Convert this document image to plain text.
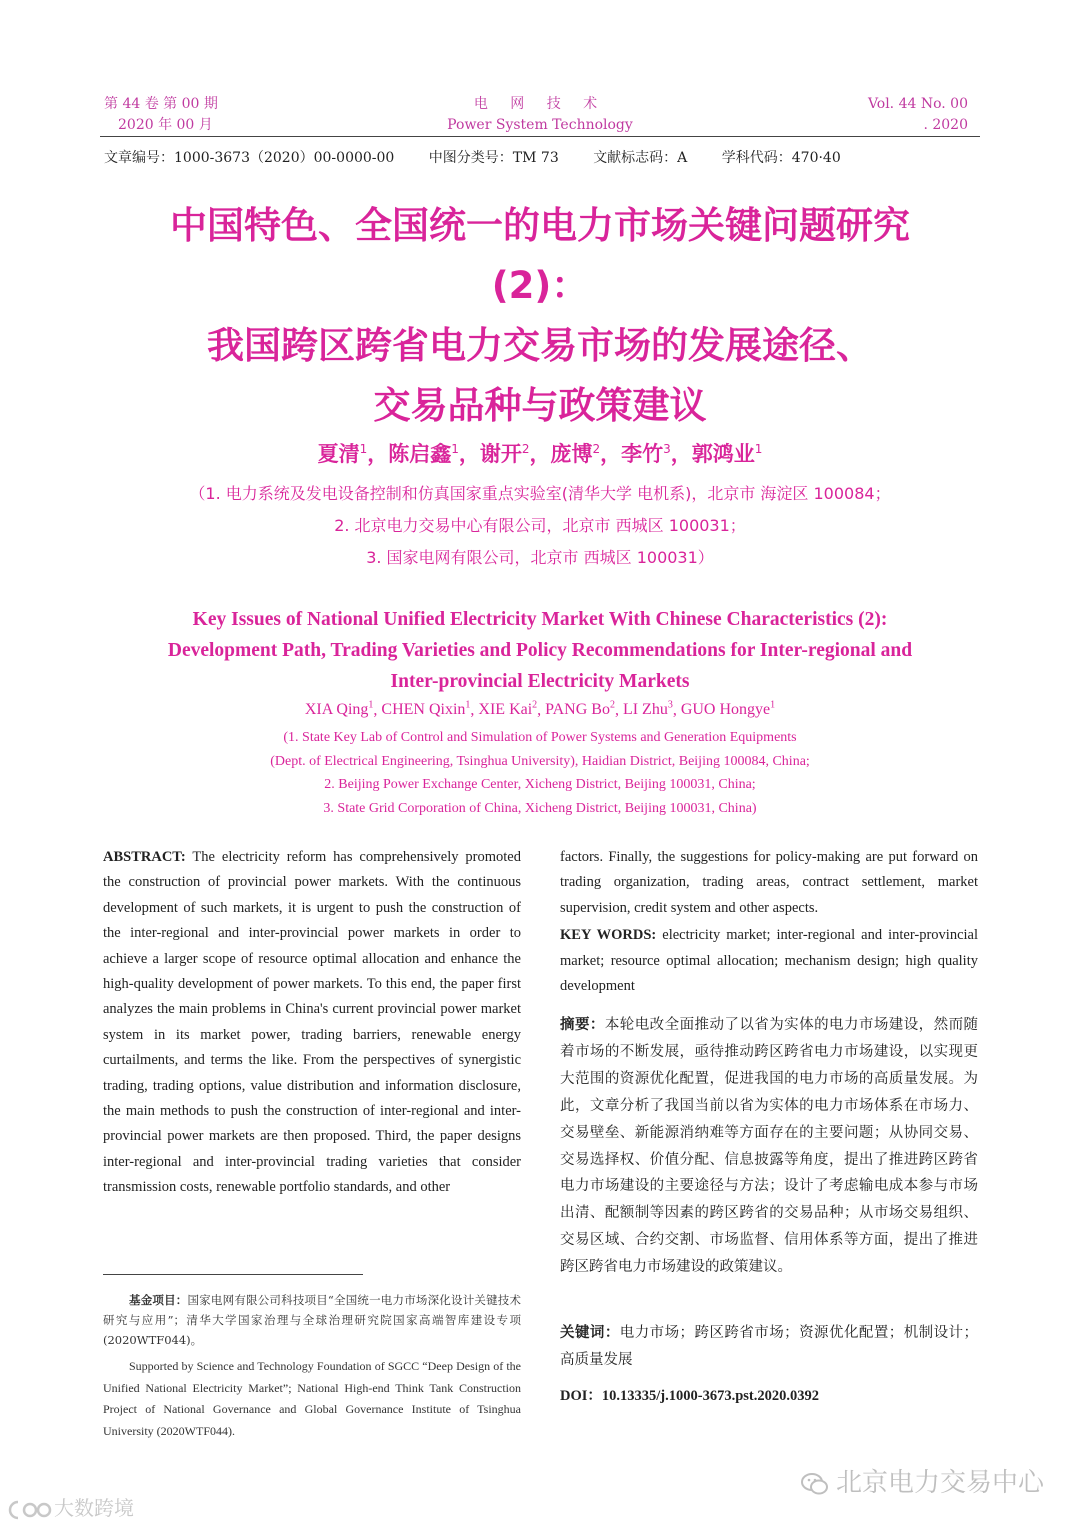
第 44 卷 第 00 期
2020 年 00 月
电 网 技 术
Power System Technology
Vol. 44 No. 00
. 2020
文章编号：1000-3673（2020）00-0000-00 中图分类号：TM 73 文献标志码：A 学科代码：470·40
中国特色、全国统一的电力市场关键问题研究
(2)：
我国跨区跨省电力交易市场的发展途径、
交易品种与政策建议
夏清$^1$，陈启鑫$^1$，谢开$^2$，庞博$^2$，李竹$^3$，郭鸿业$^1$
（1. 电力系统及发电设备控制和仿真国家重点实验室(清华大学 电机系)，北京市 海淀区 100084；
2. 北京电力交易中心有限公司，北京市 西城区 100031；
3. 国家电网有限公司，北京市 西城区 100031）
Key Issues of National Unified Electricity Market With Chinese Characteristics (2):
Development Path, Trading Varieties and Policy Recommendations for Inter-regional and
Inter-provincial Electricity Markets
XIA Qing$^1$, CHEN Qixin$^1$, XIE Kai$^2$, PANG Bo$^2$, LI Zhu$^3$, GUO Hongye$^1$
(1. State Key Lab of Control and Simulation of Power Systems and Generation Equipments
(Dept. of Electrical Engineering, Tsinghua University), Haidian District, Beijing 100084, China;
2. Beijing Power Exchange Center, Xicheng District, Beijing 100031, China;
3. State Grid Corporation of China, Xicheng District, Beijing 100031, China)
ABSTRACT: The electricity reform has comprehensively promoted the construction of provincial power markets. With the continuous development of such markets, it is urgent to push the construction of the inter-regional and inter-provincial power markets in order to achieve a larger scope of resource optimal allocation and enhance the high-quality development of power markets. To this end, the paper first analyzes the main problems in China's current provincial power market system in its market power, trading barriers, renewable energy curtailments, and terms the like. From the perspectives of synergistic trading, trading options, value distribution and information disclosure, the main methods to push the construction of inter-regional and inter-provincial power markets are then proposed. Third, the paper designs inter-regional and inter-provincial trading varieties that consider transmission costs, renewable portfolio standards, and other
factors. Finally, the suggestions for policy-making are put forward on trading organization, trading areas, contract settlement, market supervision, credit system and other aspects.
KEY WORDS: electricity market; inter-regional and inter-provincial market; resource optimal allocation; mechanism design; high quality development
摘要：本轮电改全面推动了以省为实体的电力市场建设，然而随着市场的不断发展，亟待推动跨区跨省电力市场建设，以实现更大范围的资源优化配置，促进我国的电力市场的高质量发展。为此，文章分析了我国当前以省为实体的电力市场体系在市场力、交易壁垒、新能源消纳难等方面存在的主要问题；从协同交易、交易选择权、价值分配、信息披露等角度，提出了推进跨区跨省电力市场建设的主要途径与方法；设计了考虑输电成本参与市场出清、配额制等因素的跨区跨省的交易品种；从市场交易组织、交易区域、合约交割、市场监督、信用体系等方面，提出了推进跨区跨省电力市场建设的政策建议。
关键词：电力市场；跨区跨省市场；资源优化配置；机制设计；高质量发展
DOI：10.13335/j.1000-3673.pst.2020.0392
基金项目：国家电网有限公司科技项目“全国统一电力市场深化设计关键技术研究与应用”；清华大学国家治理与全球治理研究院国家高端智库建设专项(2020WTF044)。
Supported by Science and Technology Foundation of SGCC “Deep Design of the Unified National Electricity Market”; National High-end Think Tank Construction Project of National Governance and Global Governance Institute of Tsinghua University (2020WTF044).
北京电力交易中心
大数跨境
